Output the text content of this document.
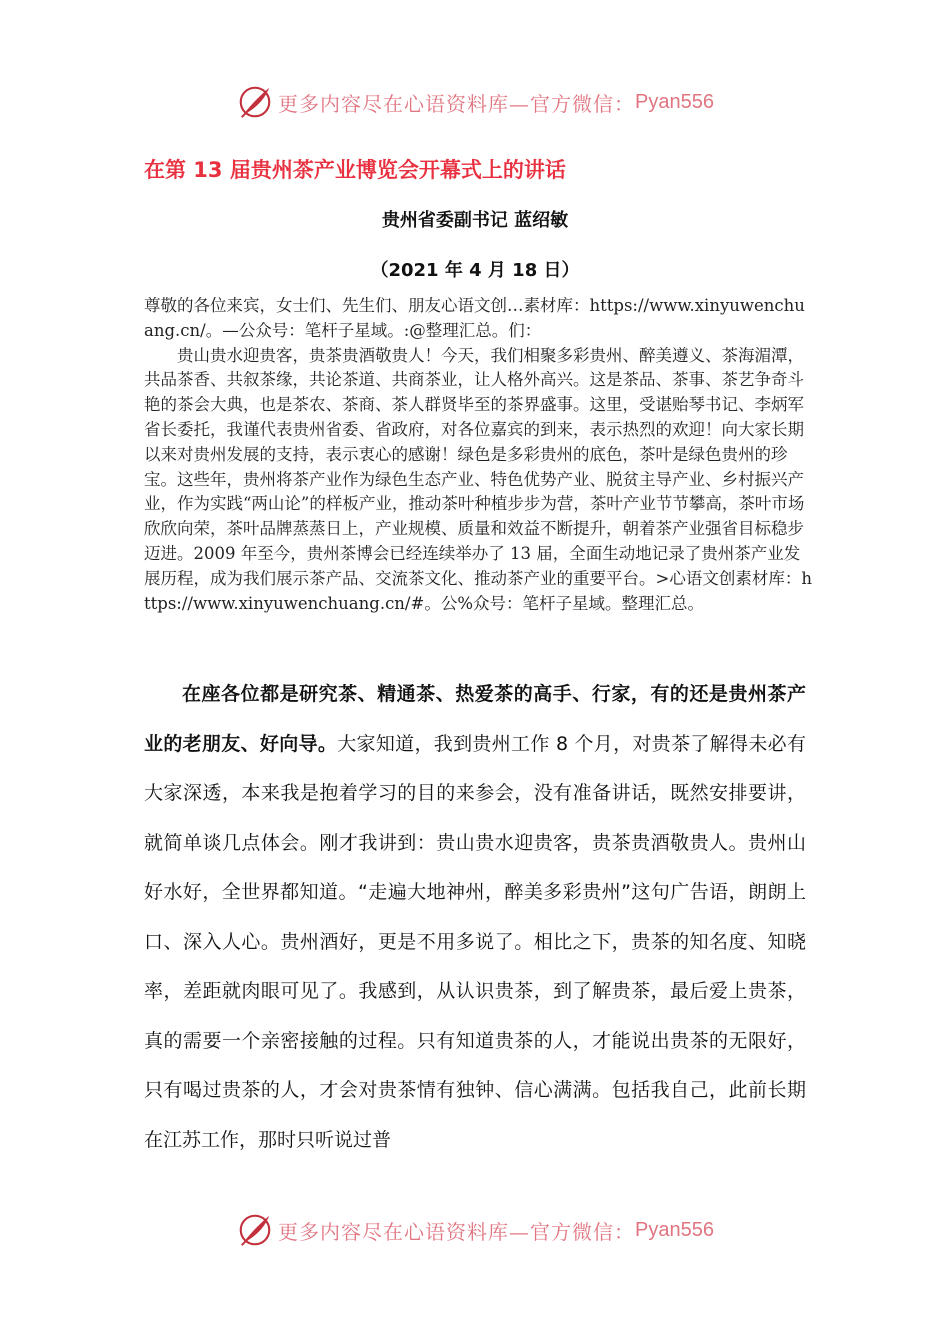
更多内容尽在心语资料库—官方微信： Pyan556
在第 13 届贵州茶产业博览会开幕式上的讲话
贵州省委副书记 蓝绍敏
（2021 年 4 月 18 日）

尊敬的各位来宾，女士们、先生们、朋友心语文创…素材库：https://www.xinyuwenchuang.cn/。—公众号：笔杆子星域。:@整理汇总。们：

贵山贵水迎贵客，贵茶贵酒敬贵人！今天，我们相聚多彩贵州、醉美遵义、茶海湄潭，共品茶香、共叙茶缘，共论茶道、共商茶业，让人格外高兴。这是茶品、茶事、茶艺争奇斗艳的茶会大典，也是茶农、茶商、茶人群贤毕至的茶界盛事。这里，受谌贻琴书记、李炳军省长委托，我谨代表贵州省委、省政府，对各位嘉宾的到来，表示热烈的欢迎！向大家长期以来对贵州发展的支持，表示衷心的感谢！绿色是多彩贵州的底色，茶叶是绿色贵州的珍宝。这些年，贵州将茶产业作为绿色生态产业、特色优势产业、脱贫主导产业、乡村振兴产业，作为实践“两山论”的样板产业，推动茶叶种植步步为营，茶叶产业节节攀高，茶叶市场欣欣向荣，茶叶品牌蒸蒸日上，产业规模、质量和效益不断提升，朝着茶产业强省目标稳步迈进。2009 年至今，贵州茶博会已经连续举办了 13 届，全面生动地记录了贵州茶产业发展历程，成为我们展示茶产品、交流茶文化、推动茶产业的重要平台。>心语文创素材库：https://www.xinyuwenchuang.cn/#。公%众号：笔杆子星域。整理汇总。

在座各位都是研究茶、精通茶、热爱茶的高手、行家，有的还是贵州茶产业的老朋友、好向导。大家知道，我到贵州工作 8 个月，对贵茶了解得未必有大家深透，本来我是抱着学习的目的来参会，没有准备讲话，既然安排要讲，就简单谈几点体会。刚才我讲到：贵山贵水迎贵客，贵茶贵酒敬贵人。贵州山好水好，全世界都知道。“走遍大地神州，醉美多彩贵州”这句广告语，朗朗上口、深入人心。贵州酒好，更是不用多说了。相比之下，贵茶的知名度、知晓率，差距就肉眼可见了。我感到，从认识贵茶，到了解贵茶，最后爱上贵茶，真的需要一个亲密接触的过程。只有知道贵茶的人，才能说出贵茶的无限好，只有喝过贵茶的人，才会对贵茶情有独钟、信心满满。包括我自己，此前长期在江苏工作，那时只听说过普

更多内容尽在心语资料库—官方微信： Pyan556
